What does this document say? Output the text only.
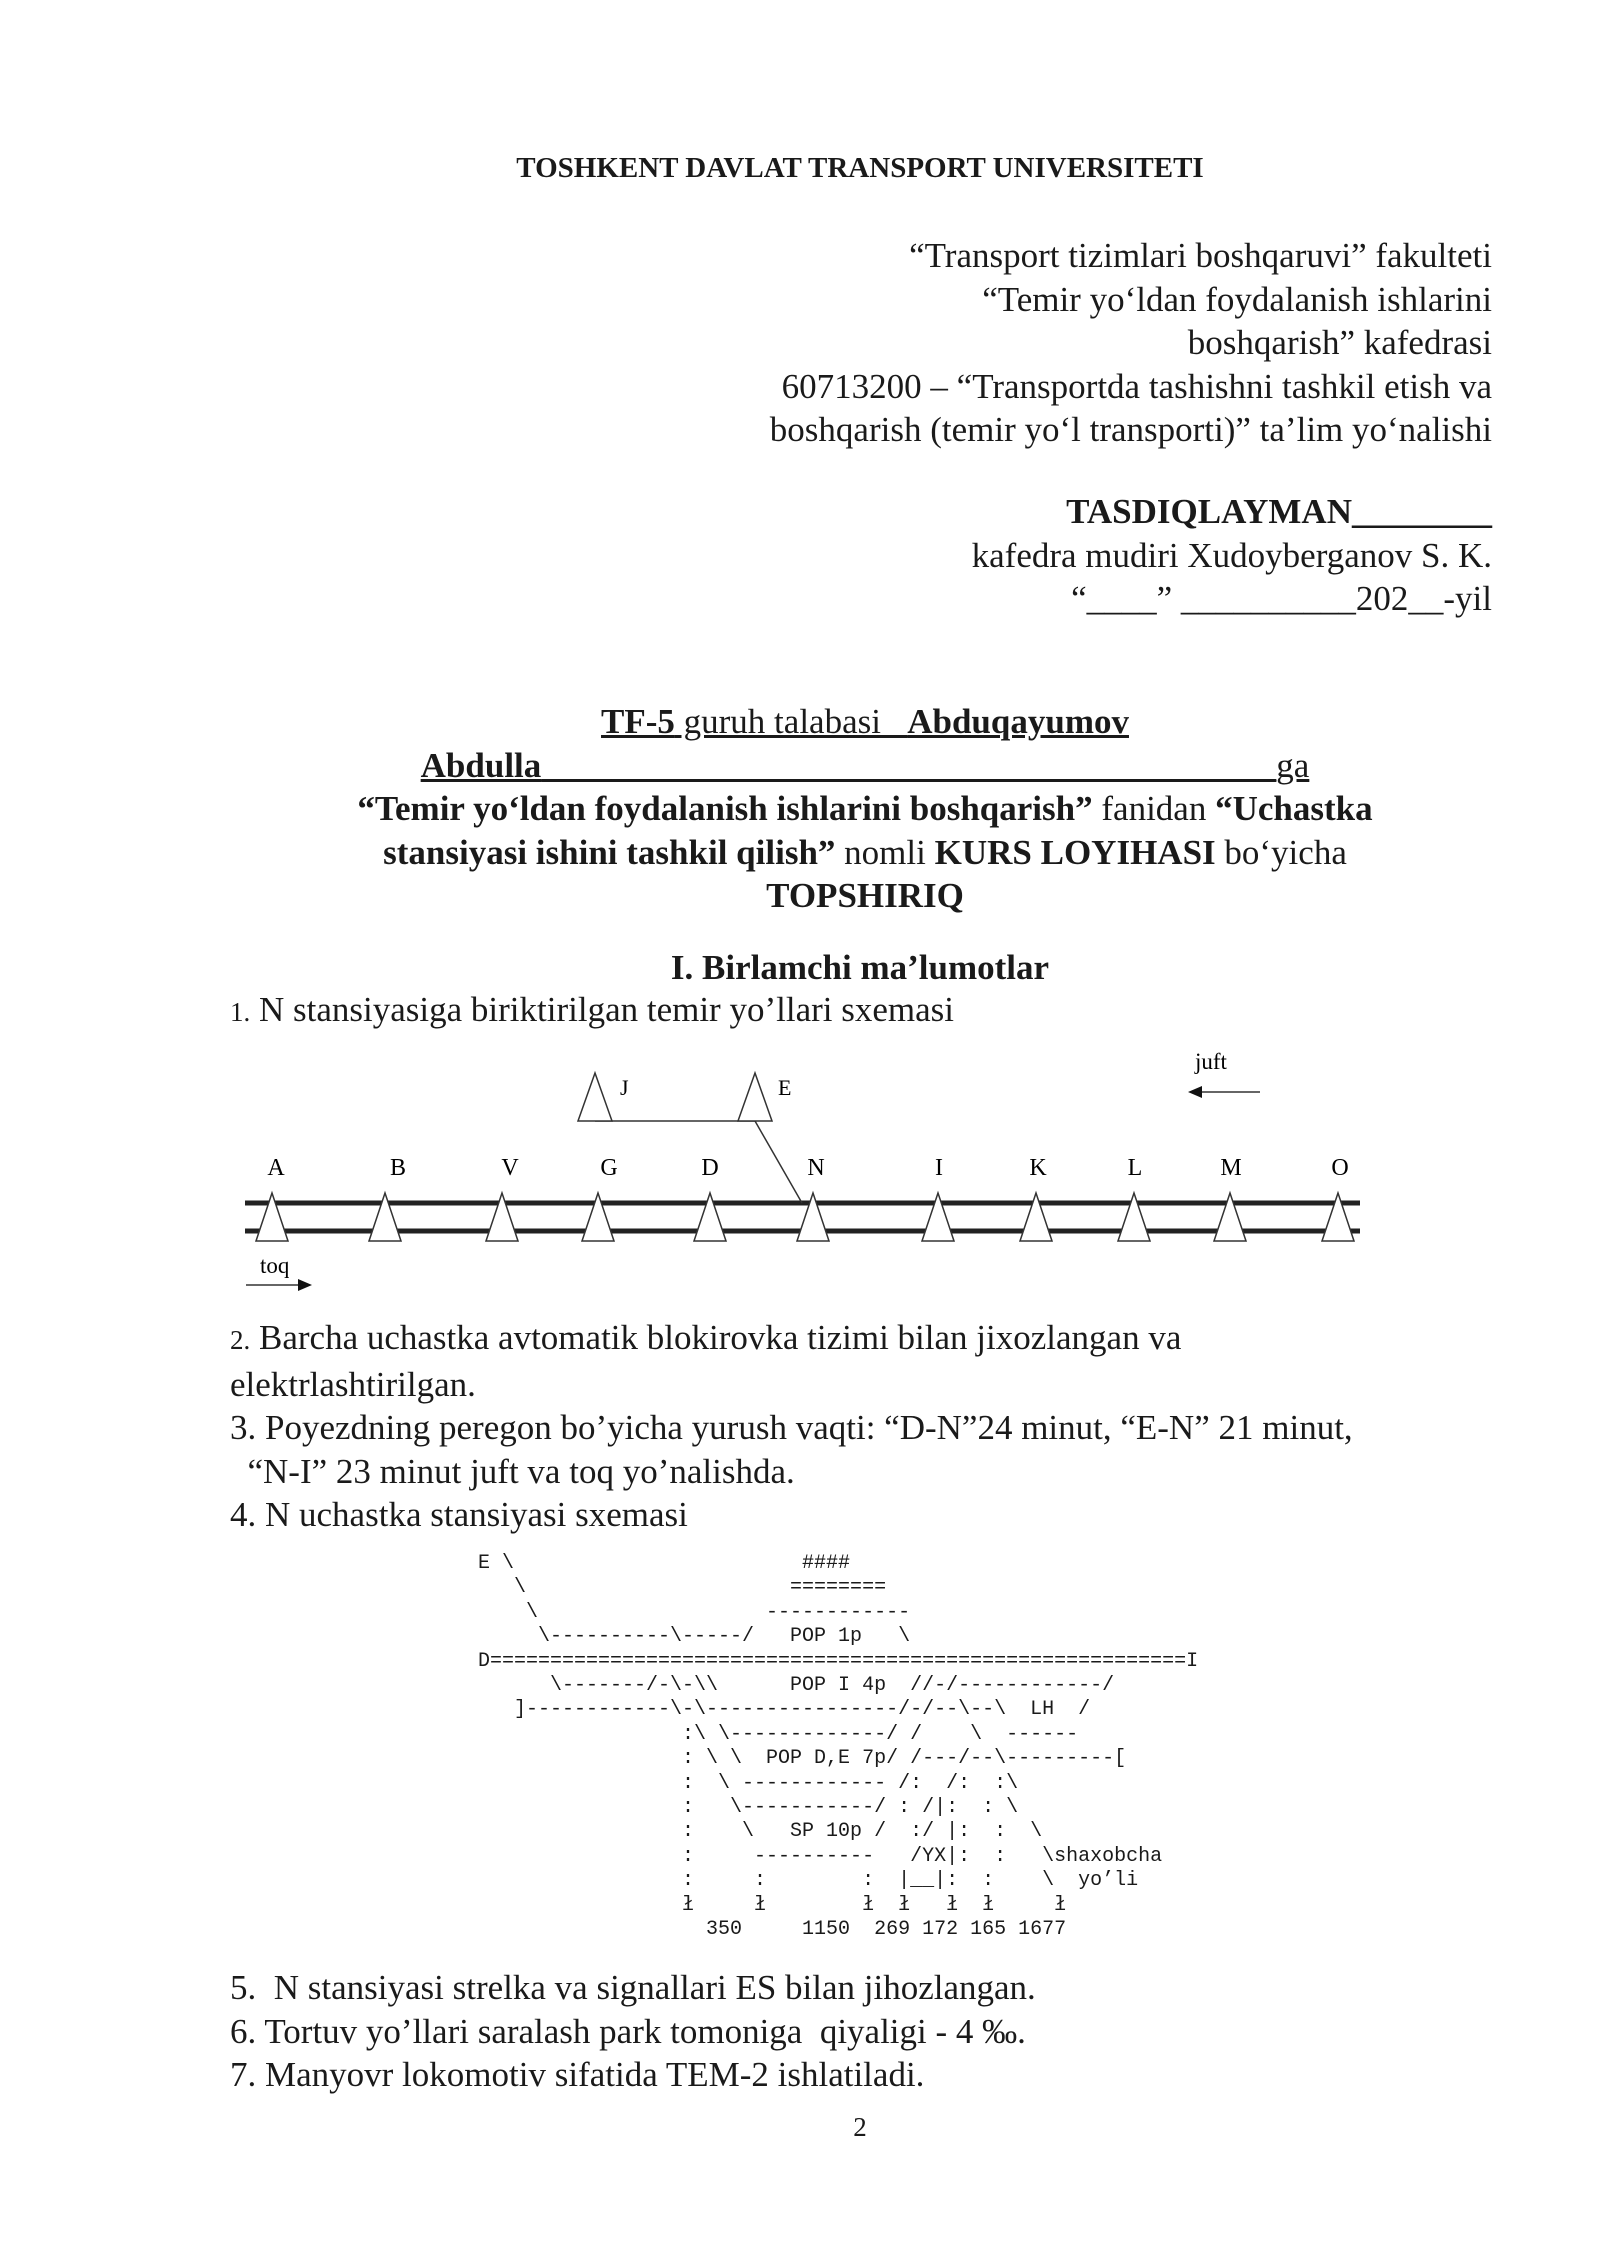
TOSHKENT DAVLAT TRANSPORT UNIVERSITETI
“Transport tizimlari boshqaruvi” fakulteti
“Temir yo‘ldan foydalanish ishlarini
boshqarish” kafedrasi
60713200 – “Transportda tashishni tashkil etish va
boshqarish (temir yo‘l transporti)” ta’lim yo‘nalishi
TASDIQLAYMAN________
kafedra mudiri Xudoyberganov S. K.
“____” __________202__-yil
TF-5 guruh talabasi _Abduqayumov
Abdulla__________________________________________ga
“Temir yo‘ldan foydalanish ishlarini boshqarish” fanidan “Uchastka
stansiyasi ishini tashkil qilish” nomli KURS LOYIHASI bo‘yicha
TOPSHIRIQ
I. Birlamchi ma’lumotlar
1. N stansiyasiga biriktirilgan temir yo’llari sxemasi
J	E
A	B	V	G	D	N	I	K	L	M	O
juft
toq
2. Barcha uchastka avtomatik blokirovka tizimi bilan jixozlangan va
elektrlashtirilgan.
3. Poyezdning peregon bo’yicha yurush vaqti: “D-N”24 minut, “E-N” 21 minut,
“N-I” 23 minut juft va toq yo’nalishda.
4. N uchastka stansiyasi sxemasi
E \                        ####
\                      ========
\                   ------------
\----------\-----/   POP 1p   \
D==========================================================I
\-------/-\-\\      POP I 4p  //-/------------/
]------------\-\----------------/-/--\--\  LH  /
:\ \-------------/ /    \  ------
: \ \  POP D,E 7p/ /---/--\---------[
:  \ ------------ /:  /:  :\
:   \-----------/ : /|:  : \
:    \   SP 10p /  :/ |:  :  \
:     ----------   /YX|:  :   \shaxobcha
:     :        :  |__|:  :    \  yo’li
ł     ł        ł  ł   ł  ł     ł
350     1150  269 172 165 1677
5.  N stansiyasi strelka va signallari ES bilan jihozlangan.
6. Tortuv yo’llari saralash park tomoniga  qiyaligi - 4 ‰.
7. Manyovr lokomotiv sifatida TEM-2 ishlatiladi.
2
